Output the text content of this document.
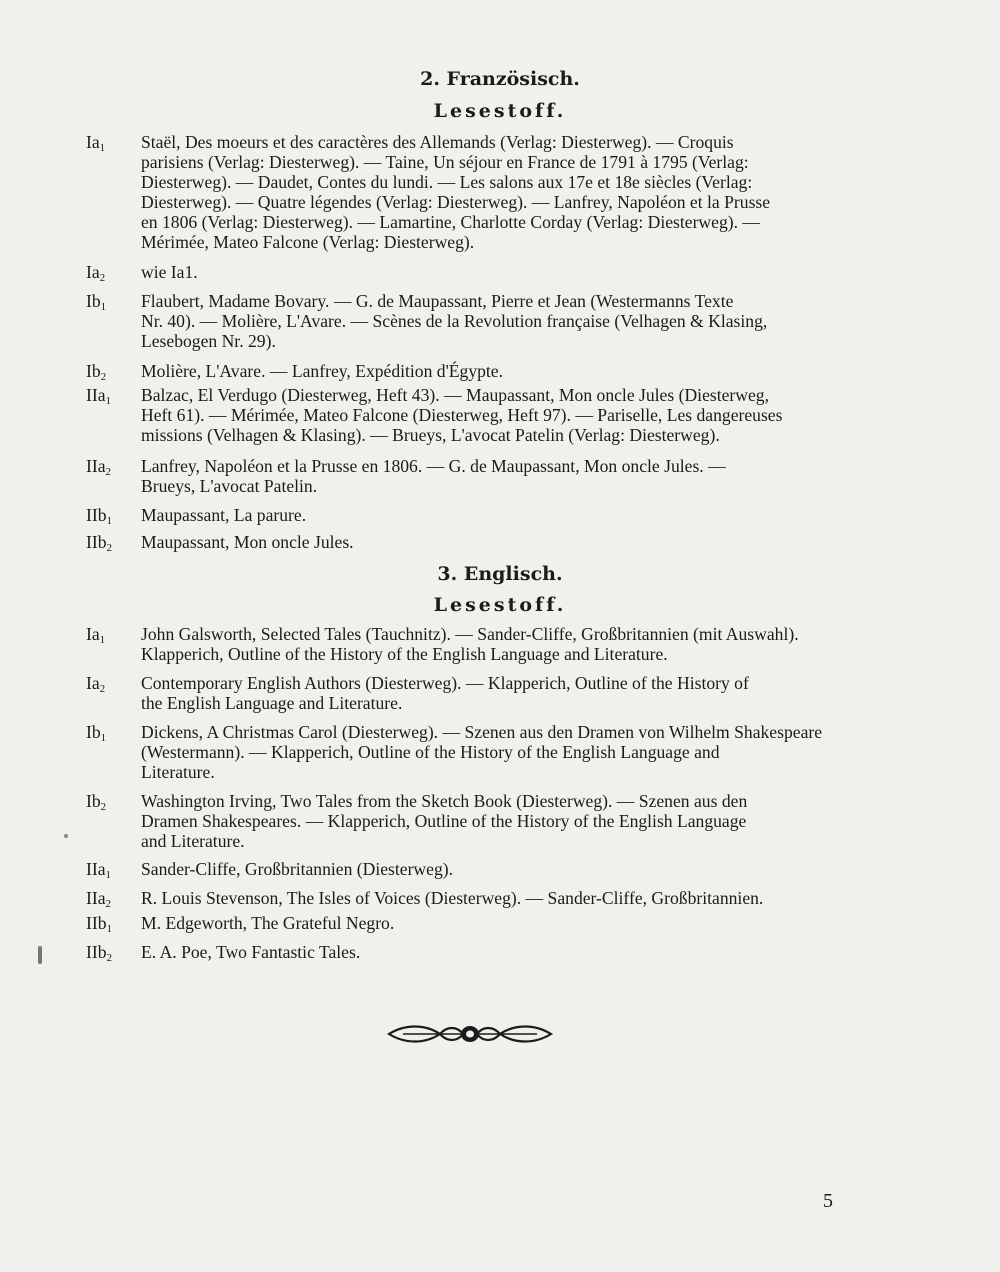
2. Französisch.
Lesestoff.
$Ia_1$	Staël, Des moeurs et des caractères des Allemands (Verlag: Diesterweg). — Croquis
parisiens (Verlag: Diesterweg). — Taine, Un séjour en France de 1791 à 1795 (Verlag:
Diesterweg). — Daudet, Contes du lundi. — Les salons aux 17e et 18e siècles (Verlag:
Diesterweg). — Quatre légendes (Verlag: Diesterweg). — Lanfrey, Napoléon et la Prusse
en 1806 (Verlag: Diesterweg). — Lamartine, Charlotte Corday (Verlag: Diesterweg). —
Mérimée, Mateo Falcone (Verlag: Diesterweg).
$Ia_2$	wie Ia1.
$Ib_1$	Flaubert, Madame Bovary. — G. de Maupassant, Pierre et Jean (Westermanns Texte
Nr. 40). — Molière, L'Avare. — Scènes de la Revolution française (Velhagen & Klasing,
Lesebogen Nr. 29).
$Ib_2$	Molière, L'Avare. — Lanfrey, Expédition d'Égypte.
IIa$_1$	Balzac, El Verdugo (Diesterweg, Heft 43). — Maupassant, Mon oncle Jules (Diesterweg,
Heft 61). — Mérimée, Mateo Falcone (Diesterweg, Heft 97). — Pariselle, Les dangereuses
missions (Velhagen & Klasing). — Brueys, L'avocat Patelin (Verlag: Diesterweg).
IIa$_2$	Lanfrey, Napoléon et la Prusse en 1806. — G. de Maupassant, Mon oncle Jules. —
Brueys, L'avocat Patelin.
IIb$_1$	Maupassant, La parure.
IIb$_2$	Maupassant, Mon oncle Jules.
3. Englisch.
Lesestoff.
$Ia_1$	John Galsworth, Selected Tales (Tauchnitz). — Sander-Cliffe, Großbritannien (mit Auswahl).
Klapperich, Outline of the History of the English Language and Literature.
$Ia_2$	Contemporary English Authors (Diesterweg). — Klapperich, Outline of the History of
the English Language and Literature.
$Ib_1$	Dickens, A Christmas Carol (Diesterweg). — Szenen aus den Dramen von Wilhelm Shakespeare
(Westermann). — Klapperich, Outline of the History of the English Language and
Literature.
$Ib_2$	Washington Irving, Two Tales from the Sketch Book (Diesterweg). — Szenen aus den
Dramen Shakespeares. — Klapperich, Outline of the History of the English Language
and Literature.
IIa$_1$	Sander-Cliffe, Großbritannien (Diesterweg).
IIa$_2$	R. Louis Stevenson, The Isles of Voices (Diesterweg). — Sander-Cliffe, Großbritannien.
IIb$_1$	M. Edgeworth, The Grateful Negro.
IIb$_2$	E. A. Poe, Two Fantastic Tales.
5
